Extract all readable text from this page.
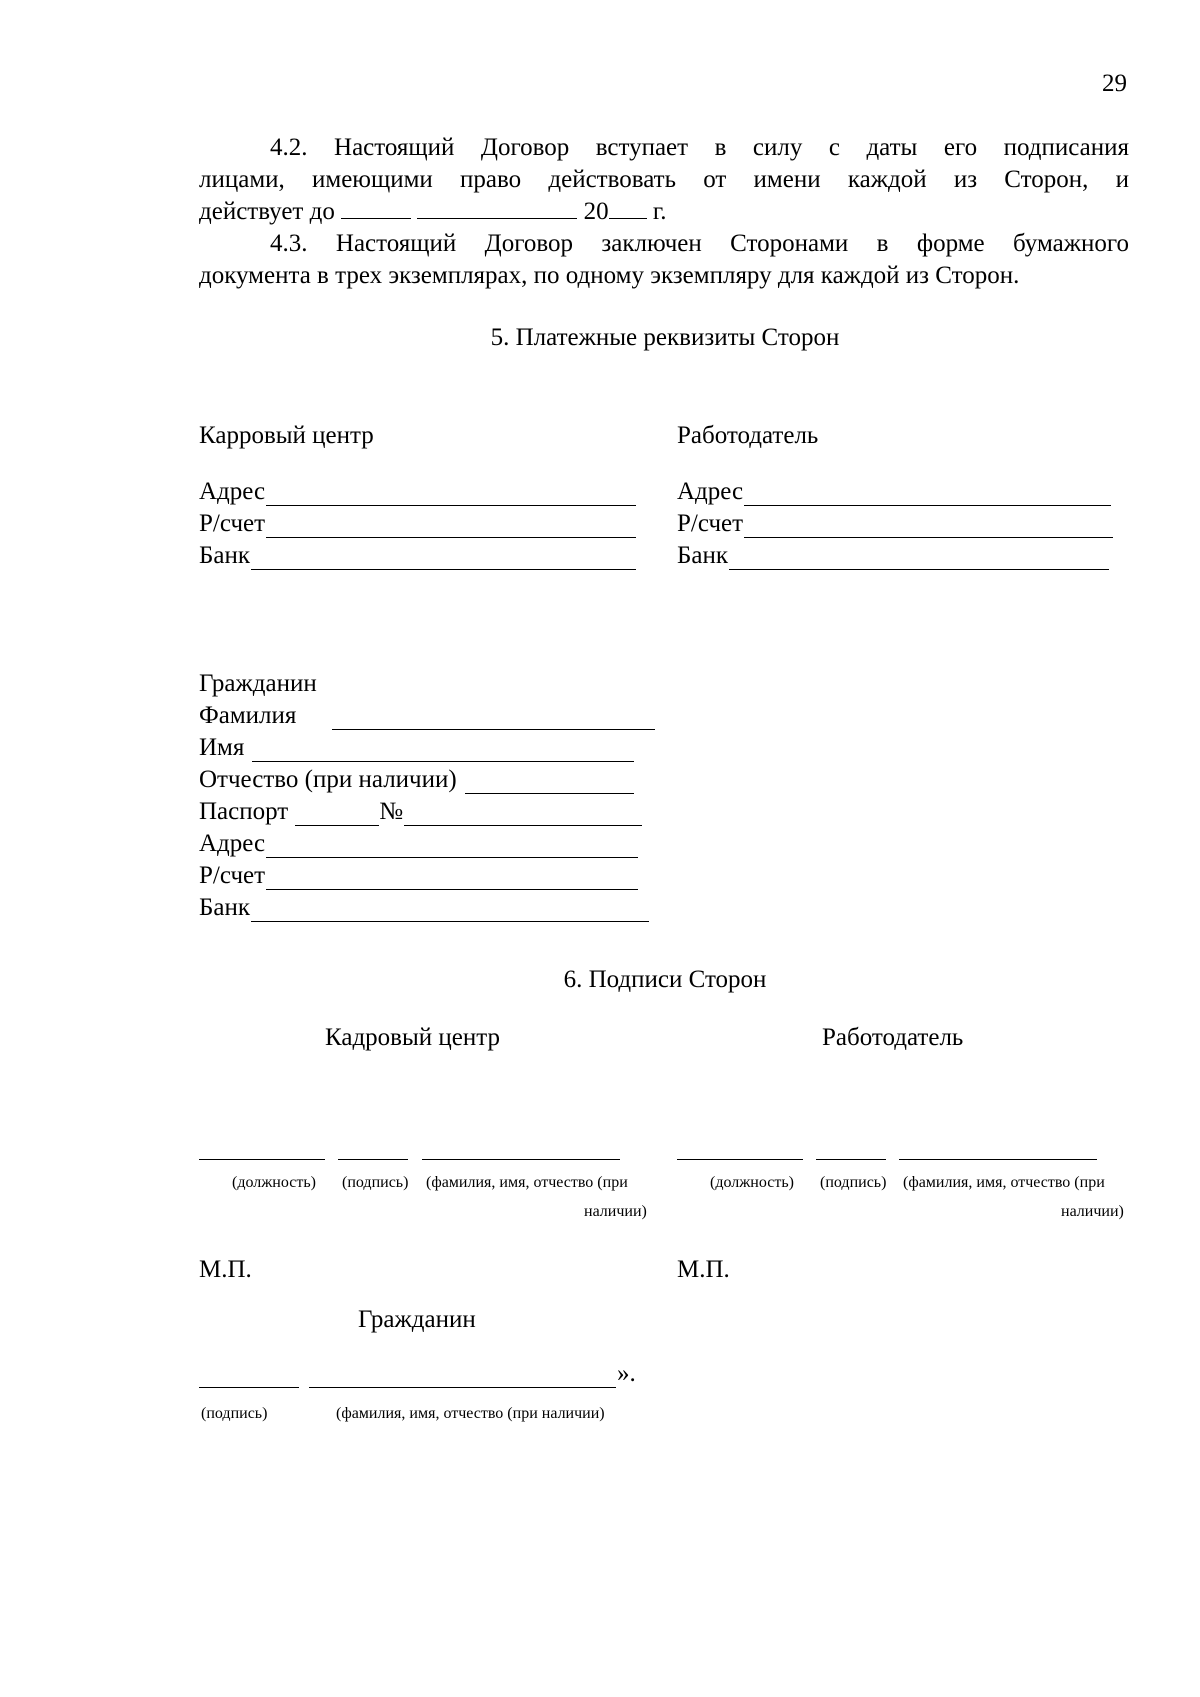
29
4.2. Настоящий Договор вступает в силу с даты его подписания
лицами, имеющими право действовать от имени каждой из Сторон, и
действует до	20 г.
4.3. Настоящий Договор заключен Сторонами в форме бумажного
документа в трех экземплярах, по одному экземпляру для каждой из Сторон.
5. Платежные реквизиты Сторон
Карровый центр
Адрес
Р/счет
Банк
Работодатель
Адрес
Р/счет
Банк
Гражданин
Фамилия
Имя
Отчество (при наличии)
Паспорт	№
Адрес
Р/счет
Банк
6. Подписи Сторон
Кадровый центр	Работодатель
(должность) (подпись) (фамилия, имя, отчество (при
наличии)
(должность) (подпись) (фамилия, имя, отчество (при
наличии)
М.П.	М.П.
Гражданин
».
(подпись)	(фамилия, имя, отчество (при наличии)
